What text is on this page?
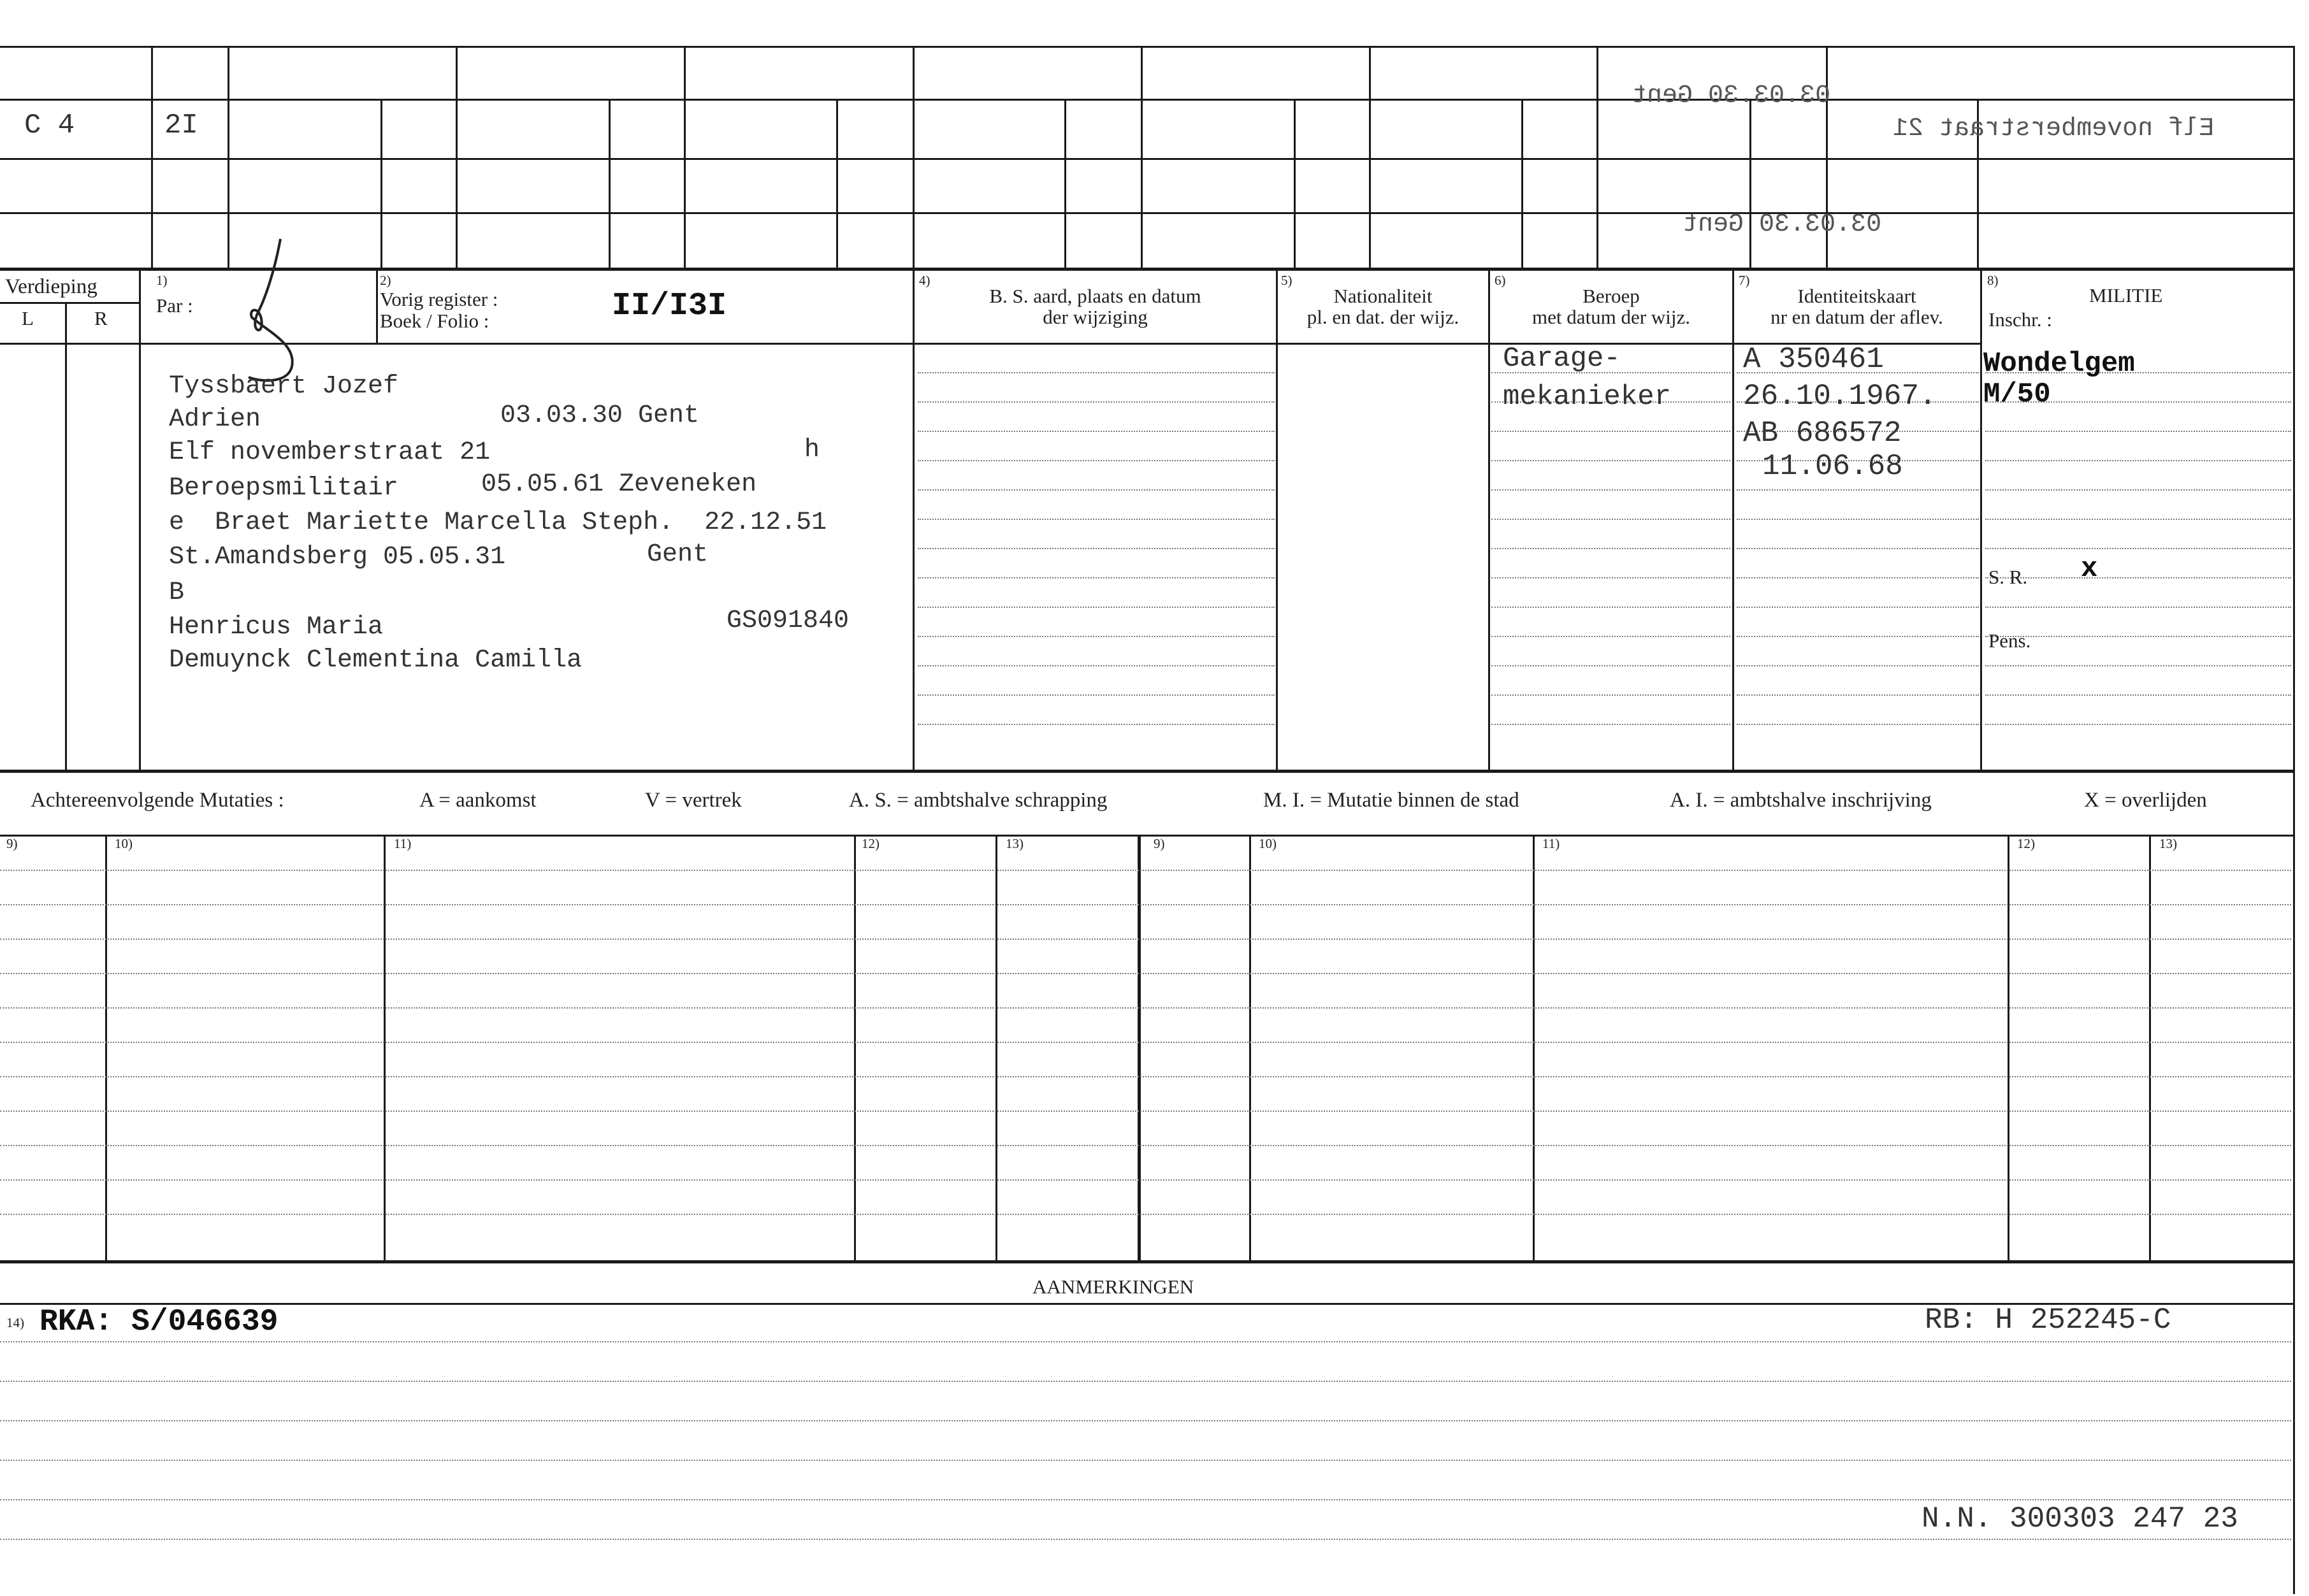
C 4	2I
03.03.30 Gent
Elf novemberstraat 21
03.03.30 Gent
Verdieping
L	R
1)
Par :
2)
Vorig register :
Boek / Folio :	II/I3I
4)
B. S. aard, plaats en datum
der wijziging
5)
Nationaliteit
pl. en dat. der wijz.
6)
Beroep
met datum der wijz.
7)
Identiteitskaart
nr en datum der aflev.
8)
MILITIE
Inschr. :
Tyssbaert Jozef
Adrien	03.03.30 Gent
Elf novemberstraat 21	h
Beroepsmilitair	05.05.61 Zeveneken
e  Braet Mariette Marcella Steph.  22.12.51
St.Amandsberg 05.05.31	Gent
B
Henricus Maria	GS091840
Demuynck Clementina Camilla
Garage-
mekanieker
A 350461
26.10.1967.
AB 686572
11.06.68
Wondelgem
M/50
S. R. x
Pens.
Achtereenvolgende Mutaties :	A = aankomst	V = vertrek	A. S. = ambtshalve schrapping	M. I. = Mutatie binnen de stad	A. I. = ambtshalve inschrijving	X = overlijden
9)	10)	11)	12)	13)	9)	10)	11)	12)	13)
AANMERKINGEN
14) RKA: S/046639	RB: H 252245-C
N.N. 300303 247 23
